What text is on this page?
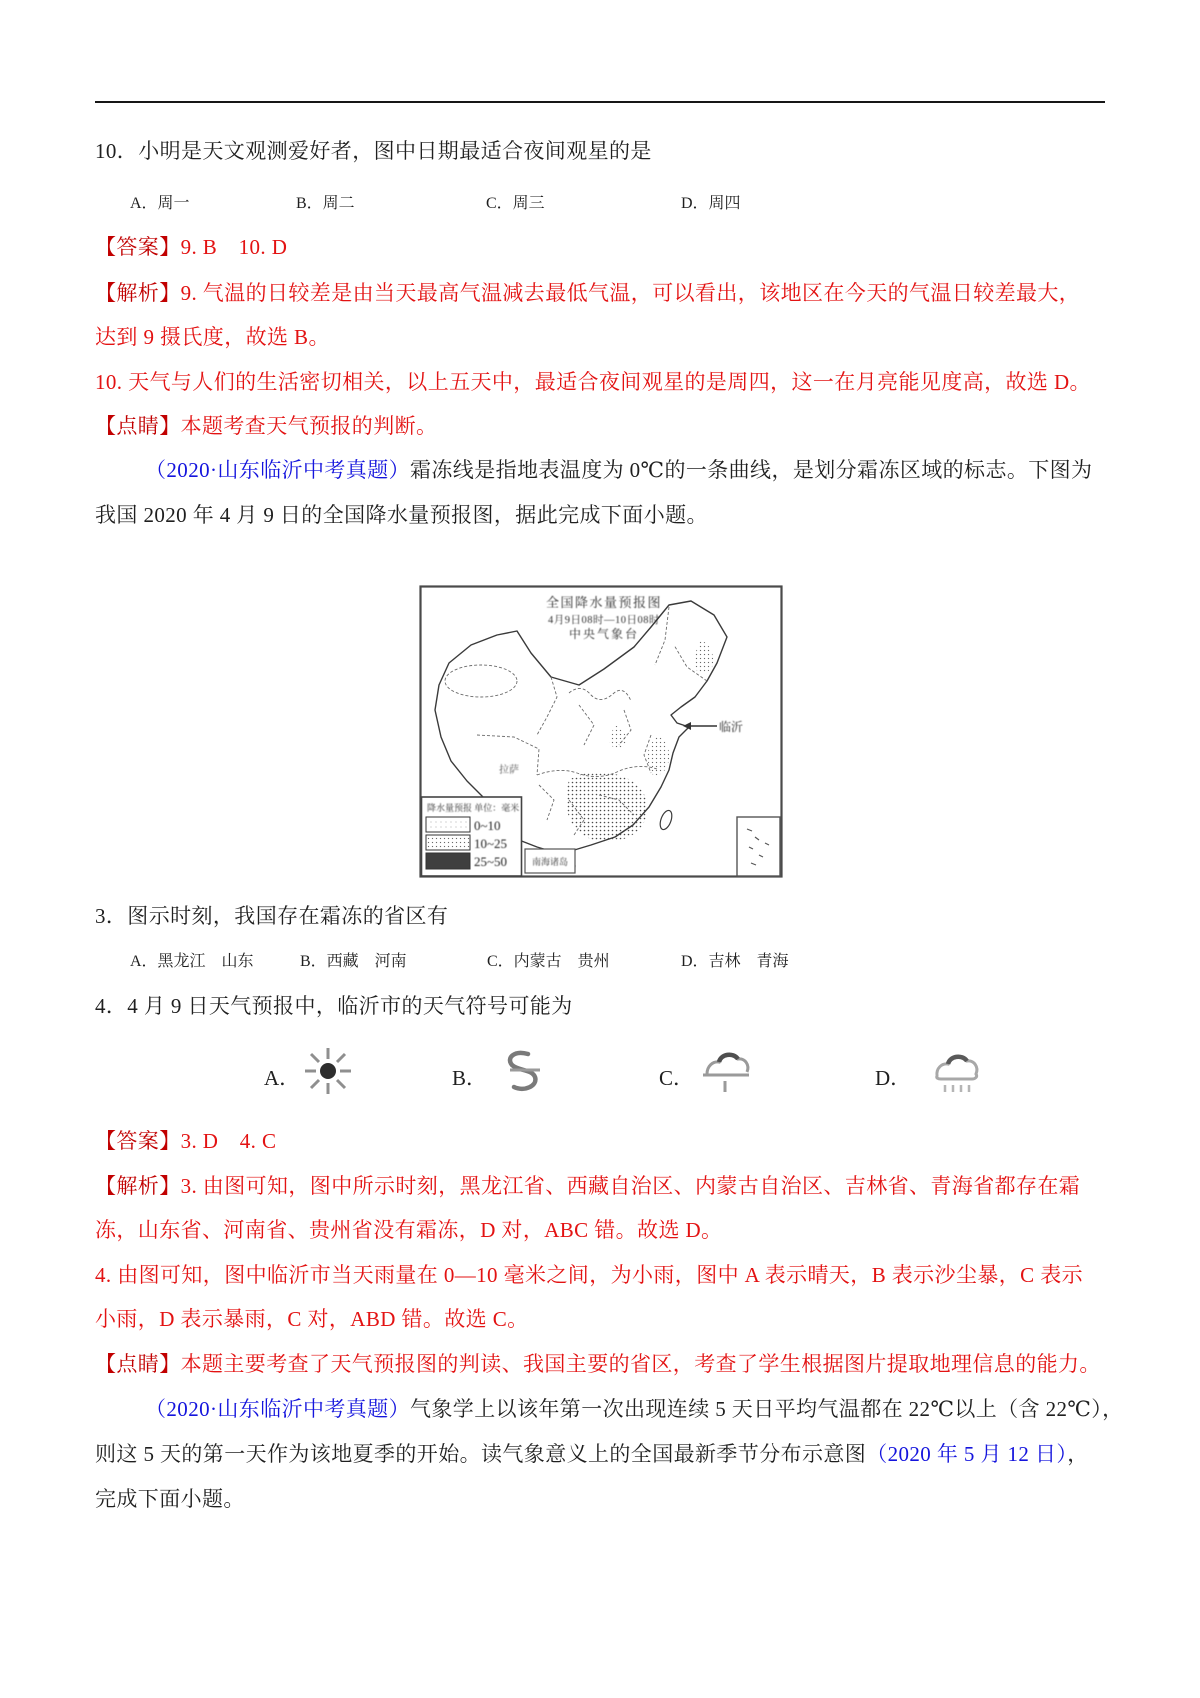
10．小明是天文观测爱好者，图中日期最适合夜间观星的是
A．周一	B．周二	C．周三	D．周四
【答案】9. B　10. D
【解析】9. 气温的日较差是由当天最高气温减去最低气温，可以看出，该地区在今天的气温日较差最大，
达到 9 摄氏度，故选 B。
10. 天气与人们的生活密切相关，以上五天中，最适合夜间观星的是周四，这一在月亮能见度高，故选 D。
【点睛】本题考查天气预报的判断。
（2020·山东临沂中考真题）霜冻线是指地表温度为 0℃的一条曲线，是划分霜冻区域的标志。下图为
我国 2020 年 4 月 9 日的全国降水量预报图，据此完成下面小题。
全国降水量预报图
4月9日08时—10日08时
中央气象台
临沂
拉萨
降水量预报 单位：毫米
0~10
10~25
25~50	南海诸岛
3．图示时刻，我国存在霜冻的省区有
A．黑龙江　山东	B．西藏　河南	C．内蒙古　贵州	D．吉林　青海
4．4 月 9 日天气预报中，临沂市的天气符号可能为
A．	B．	C．	D．
【答案】3. D　4. C
【解析】3. 由图可知，图中所示时刻，黑龙江省、西藏自治区、内蒙古自治区、吉林省、青海省都存在霜
冻，山东省、河南省、贵州省没有霜冻，D 对，ABC 错。故选 D。
4. 由图可知，图中临沂市当天雨量在 0—10 毫米之间，为小雨，图中 A 表示晴天，B 表示沙尘暴，C 表示
小雨，D 表示暴雨，C 对，ABD 错。故选 C。
【点睛】本题主要考查了天气预报图的判读、我国主要的省区，考查了学生根据图片提取地理信息的能力。
（2020·山东临沂中考真题）气象学上以该年第一次出现连续 5 天日平均气温都在 22℃以上（含 22℃），
则这 5 天的第一天作为该地夏季的开始。读气象意义上的全国最新季节分布示意图（2020 年 5 月 12 日），
完成下面小题。
